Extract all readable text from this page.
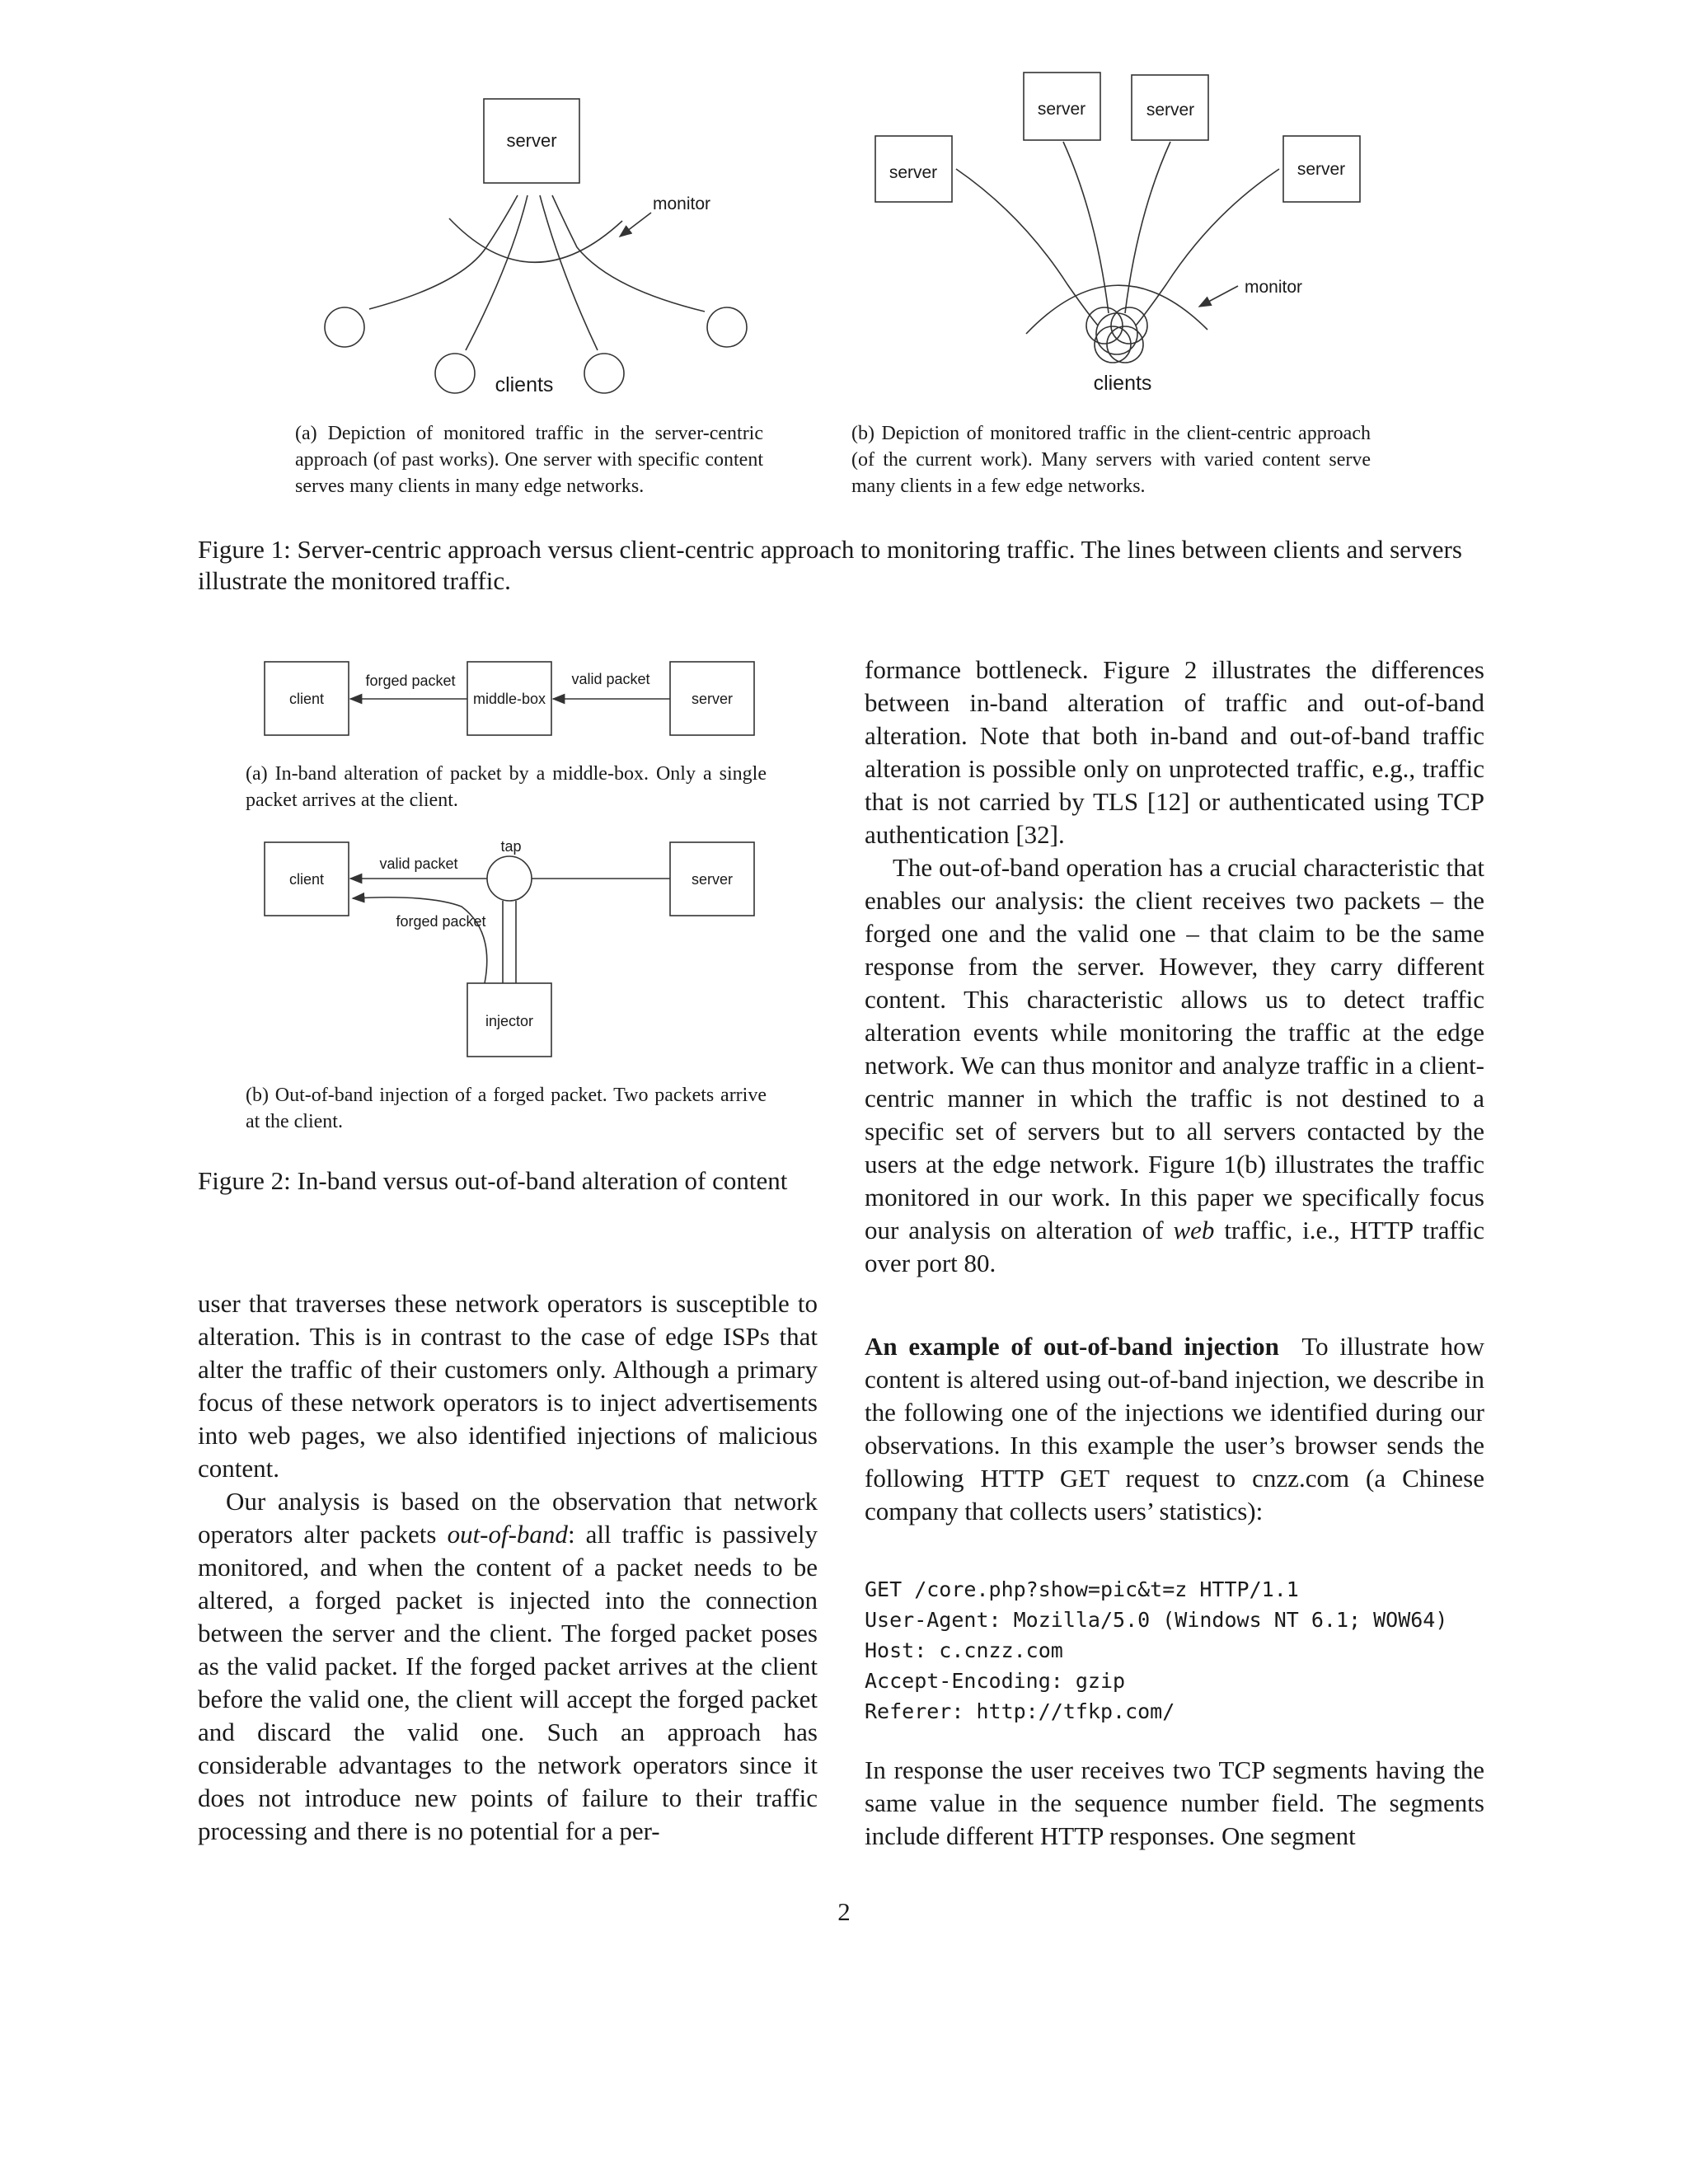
server
monitor
clients
server
server	server
server
monitor
clients
(a) Depiction of monitored traffic in the server-centric approach (of past works). One server with specific content serves many clients in many edge networks.
(b) Depiction of monitored traffic in the client-centric approach (of the current work). Many servers with varied content serve many clients in a few edge networks.
Figure 1: Server-centric approach versus client-centric approach to monitoring traffic. The lines between clients and servers illustrate the monitored traffic.
client	middle-box	server
forged packet	valid packet
client	server
tap
valid packet
forged packet
injector
(a) In-band alteration of packet by a middle-box. Only a single packet arrives at the client.
(b) Out-of-band injection of a forged packet. Two packets arrive at the client.
Figure 2: In-band versus out-of-band alteration of content

user that traverses these network operators is susceptible to alteration. This is in contrast to the case of edge ISPs that alter the traffic of their customers only. Although a primary focus of these network operators is to inject advertisements into web pages, we also identified injections of malicious content.

Our analysis is based on the observation that network operators alter packets out-of-band: all traffic is passively monitored, and when the content of a packet needs to be altered, a forged packet is injected into the connection between the server and the client. The forged packet poses as the valid packet. If the forged packet arrives at the client before the valid one, the client will accept the forged packet and discard the valid one. Such an approach has considerable advantages to the network operators since it does not introduce new points of failure to their traffic processing and there is no potential for a per-

formance bottleneck. Figure 2 illustrates the differences between in-band alteration of traffic and out-of-band alteration. Note that both in-band and out-of-band traffic alteration is possible only on unprotected traffic, e.g., traffic that is not carried by TLS [12] or authenticated using TCP authentication [32].

The out-of-band operation has a crucial characteristic that enables our analysis: the client receives two packets – the forged one and the valid one – that claim to be the same response from the server. However, they carry different content. This characteristic allows us to detect traffic alteration events while monitoring the traffic at the edge network. We can thus monitor and analyze traffic in a client-centric manner in which the traffic is not destined to a specific set of servers but to all servers contacted by the users at the edge network. Figure 1(b) illustrates the traffic monitored in our work. In this paper we specifically focus our analysis on alteration of web traffic, i.e., HTTP traffic over port 80.

An example of out-of-band injection To illustrate how content is altered using out-of-band injection, we describe in the following one of the injections we identified during our observations. In this example the user’s browser sends the following HTTP GET request to cnzz.com (a Chinese company that collects users’ statistics):

GET /core.php?show=pic&t=z HTTP/1.1
User-Agent: Mozilla/5.0 (Windows NT 6.1; WOW64)
Host: c.cnzz.com
Accept-Encoding: gzip
Referer: http://tfkp.com/
In response the user receives two TCP segments having the same value in the sequence number field. The segments include different HTTP responses. One segment
2
